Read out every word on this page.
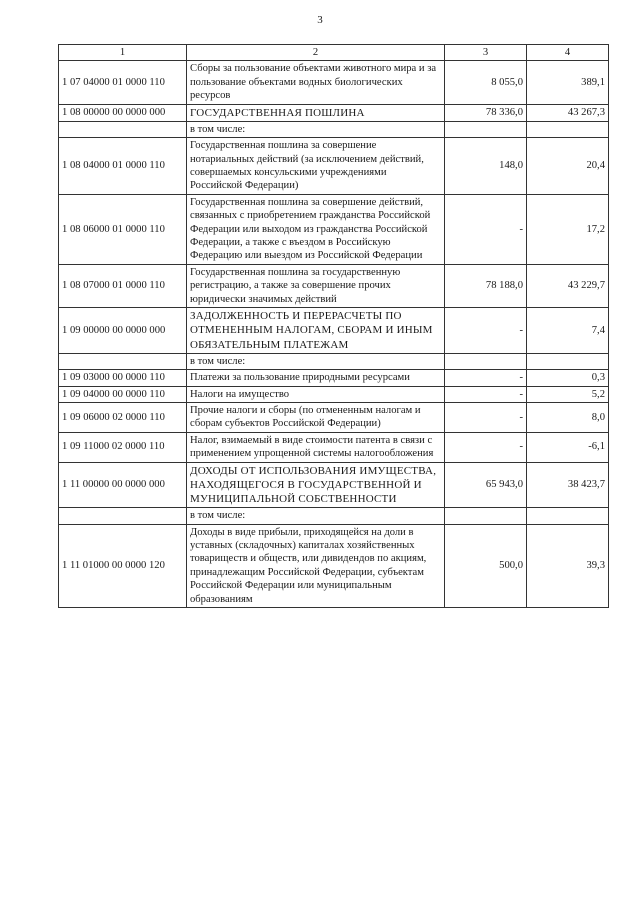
3
1	2	3	4
1 07 04000 01 0000 110	Сборы за пользование объектами животного мира и за пользование объектами водных биологических ресурсов	8 055,0	389,1
1 08 00000 00 0000 000	ГОСУДАРСТВЕННАЯ ПОШЛИНА	78 336,0	43 267,3
	в том числе:		
1 08 04000 01 0000 110	Государственная пошлина за совершение нотариальных действий (за исключением действий, совершаемых консульскими учреждениями Российской Федерации)	148,0	20,4
1 08 06000 01 0000 110	Государственная пошлина за совершение действий, связанных с приобретением гражданства Российской Федерации или выходом из гражданства Российской Федерации, а также с въездом в Российскую Федерацию или выездом из Российской Федерации	-	17,2
1 08 07000 01 0000 110	Государственная пошлина за государственную регистрацию, а также за совершение прочих юридически значимых действий	78 188,0	43 229,7
1 09 00000 00 0000 000	ЗАДОЛЖЕННОСТЬ И ПЕРЕРАСЧЕТЫ ПО ОТМЕНЕННЫМ НАЛОГАМ, СБОРАМ И ИНЫМ ОБЯЗАТЕЛЬНЫМ ПЛАТЕЖАМ	-	7,4
	в том числе:		
1 09 03000 00 0000 110	Платежи за пользование природными ресурсами	-	0,3
1 09 04000 00 0000 110	Налоги на имущество	-	5,2
1 09 06000 02 0000 110	Прочие налоги и сборы (по отмененным налогам и сборам субъектов Российской Федерации)	-	8,0
1 09 11000 02 0000 110	Налог, взимаемый в виде стоимости патента в связи с применением упрощенной системы налогообложения	-	-6,1
1 11 00000 00 0000 000	ДОХОДЫ ОТ ИСПОЛЬЗОВАНИЯ ИМУЩЕСТВА, НАХОДЯЩЕГОСЯ В ГОСУДАРСТВЕННОЙ И МУНИЦИПАЛЬНОЙ СОБСТВЕННОСТИ	65 943,0	38 423,7
	в том числе:		
1 11 01000 00 0000 120	Доходы в виде прибыли, приходящейся на доли в уставных (складочных) капиталах хозяйственных товариществ и обществ, или дивидендов по акциям, принадлежащим Российской Федерации, субъектам Российской Федерации или муниципальным образованиям	500,0	39,3
